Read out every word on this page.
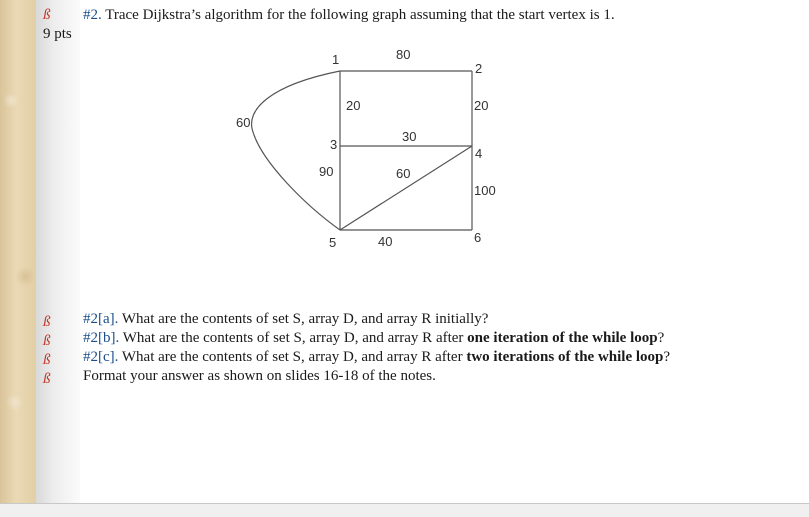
ß #2. Trace Dijkstra’s algorithm for the following graph assuming that the start vertex is 1.
9 pts
1
2
3
4
5	6
80
20
60
20
30
90	60
100
40
ß
ß
ß
ß
#2[a]. What are the contents of set S, array D, and array R initially?
#2[b]. What are the contents of set S, array D, and array R after one iteration of the while loop?
#2[c]. What are the contents of set S, array D, and array R after two iterations of the while loop?
Format your answer as shown on slides 16-18 of the notes.
